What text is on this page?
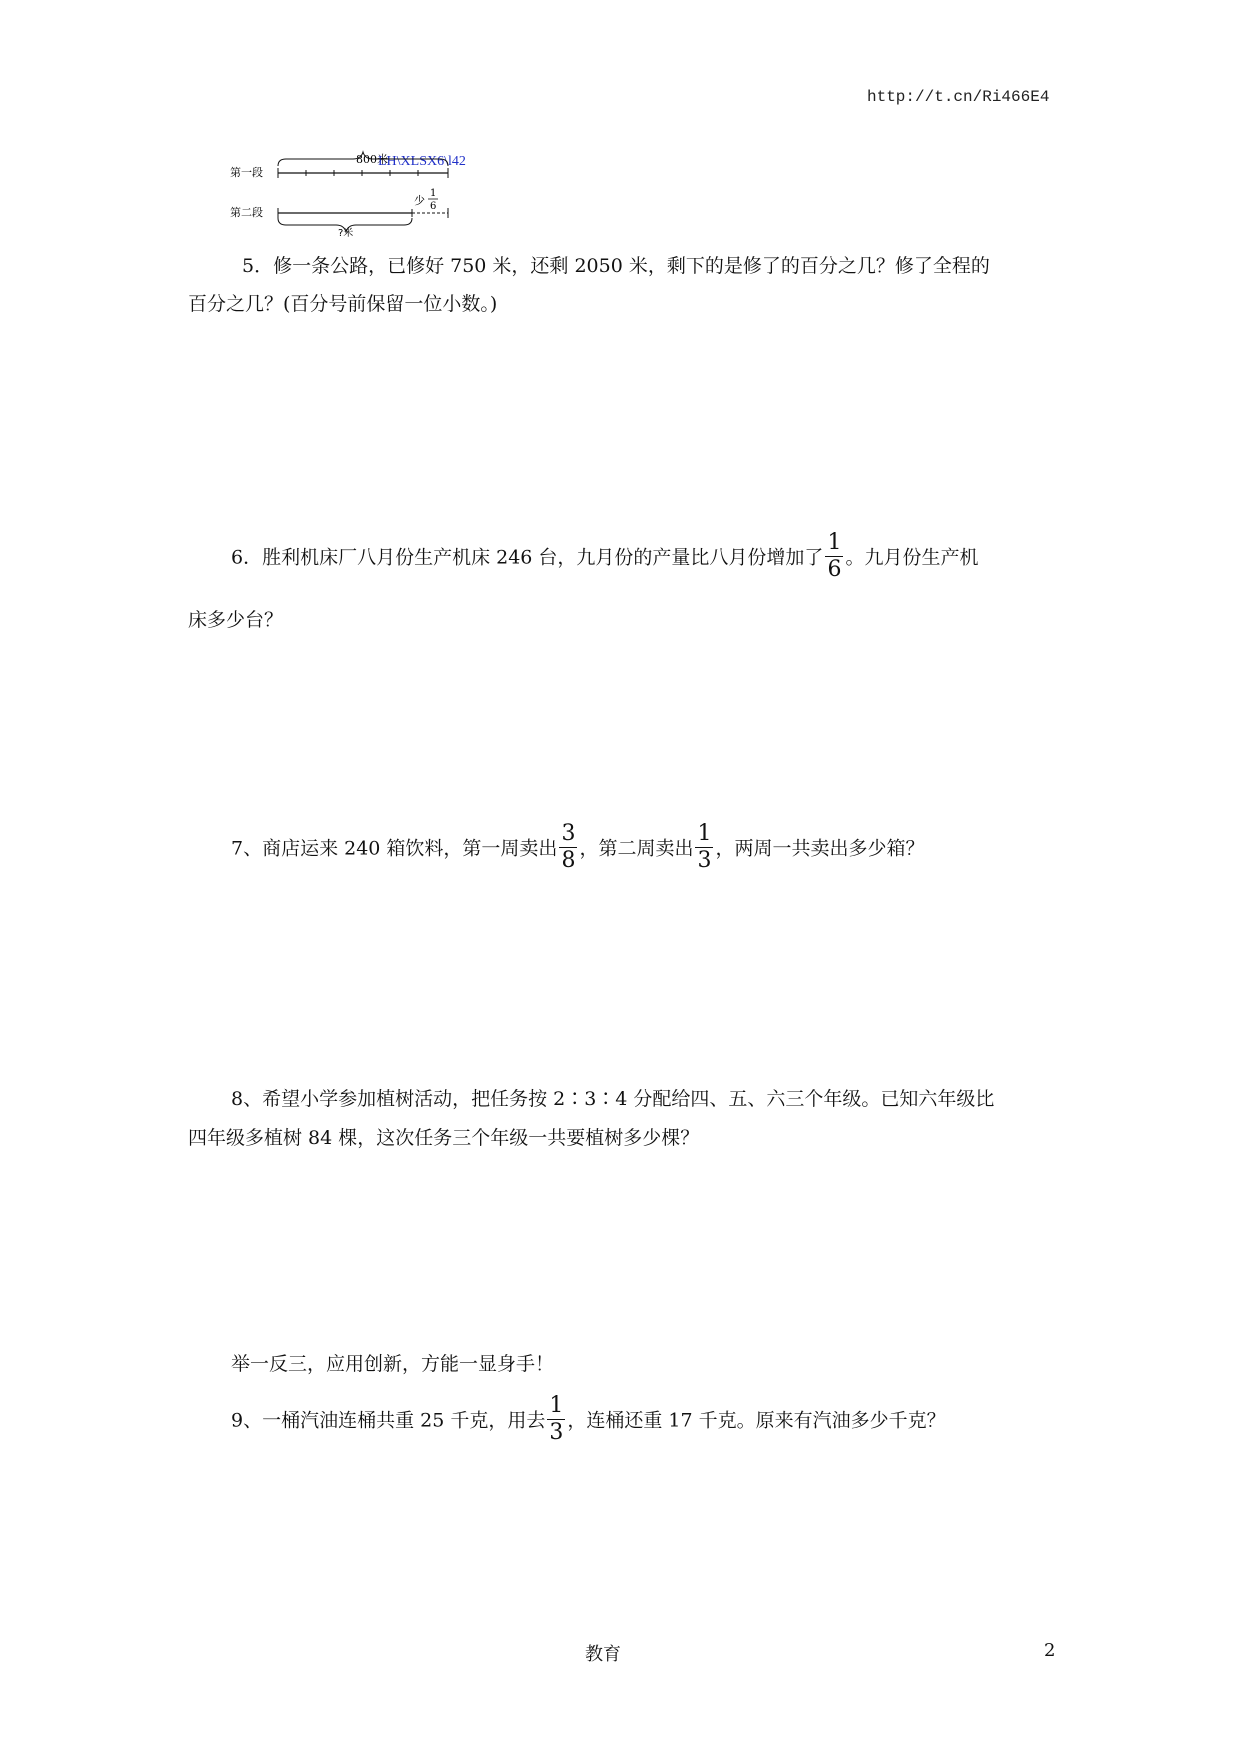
http://t.cn/Ri466E4
第一段
第二段
800米
LH\XLSX6\l42
少
1
6
?米
5．修一条公路，已修好 750 米，还剩 2050 米，剩下的是修了的百分之几？修了全程的
百分之几？(百分号前保留一位小数。)
6．胜利机床厂八月份生产机床 246 台，九月份的产量比八月份增加了 $\frac{1}{6}$ 。九月份生产机
床多少台？
7、商店运来 240 箱饮料，第一周卖出 $\frac{3}{8}$ ，第二周卖出 $\frac{1}{3}$ ，两周一共卖出多少箱？
8、希望小学参加植树活动，把任务按 2∶3∶4 分配给四、五、六三个年级。已知六年级比
四年级多植树 84 棵，这次任务三个年级一共要植树多少棵？
举一反三，应用创新，方能一显身手！
9、一桶汽油连桶共重 25 千克，用去 $\frac{1}{3}$ ，连桶还重 17 千克。原来有汽油多少千克？
教育	2
